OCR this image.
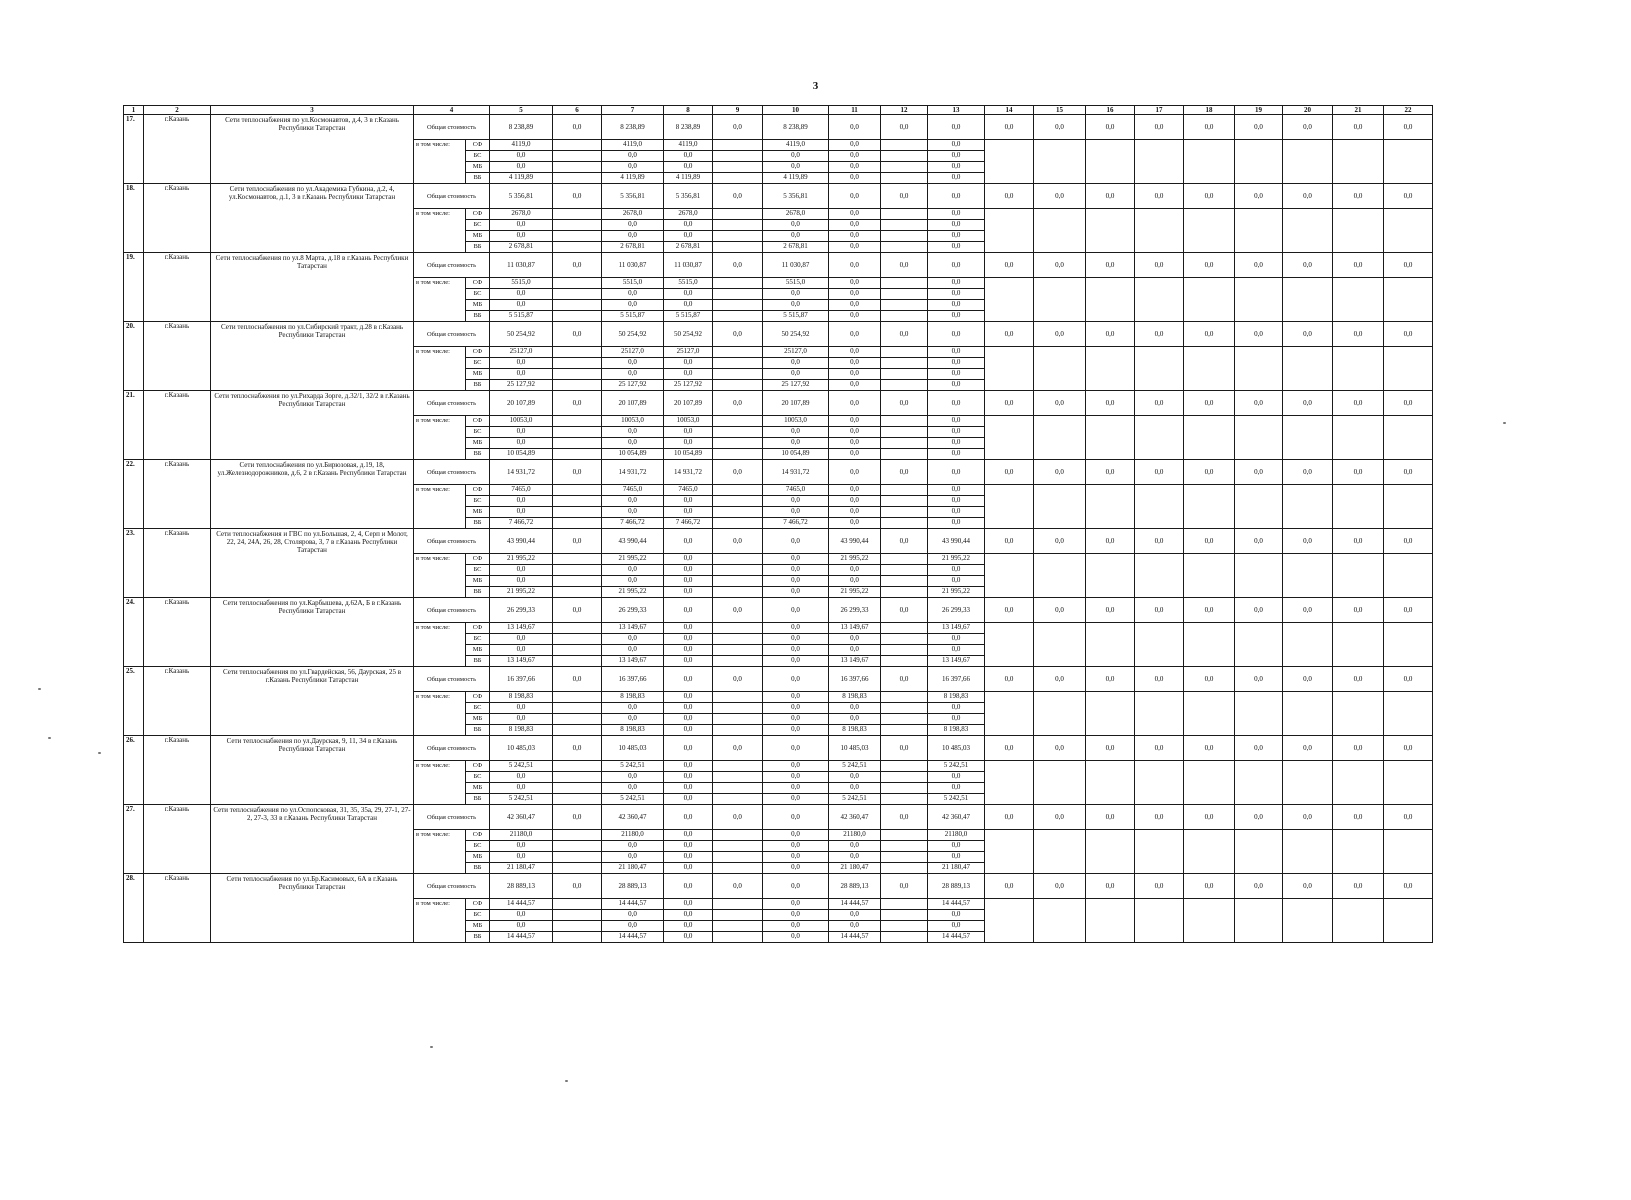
3
1	2	3	4		5	6	7	8	9	10	11	12	13	14	15	16	17	18	19	20	21	22
17.	г.Казань	Сети теплоснабжения по ул.Космонавтов, д.4, 3 в г.Казань Республики Татарстан	Общая стоимость		8 238,89	0,0	8 238,89	8 238,89	0,0	8 238,89	0,0	0,0	0,0	0,0	0,0	0,0	0,0	0,0	0,0	0,0	0,0	0,0
			в том числе:	СФ	4119,0		4119,0	4119,0		4119,0	0,0		0,0									
				БС	0,0		0,0	0,0		0,0	0,0		0,0									
				МБ	0,0		0,0	0,0		0,0	0,0		0,0									
				ВБ	4 119,89		4 119,89	4 119,89		4 119,89	0,0		0,0									
18.	г.Казань	Сети теплоснабжения по ул.Академика Губкина, д.2, 4, ул.Космонавтов, д.1, 3 в г.Казань Республики Татарстан	Общая стоимость		5 356,81	0,0	5 356,81	5 356,81	0,0	5 356,81	0,0	0,0	0,0	0,0	0,0	0,0	0,0	0,0	0,0	0,0	0,0	0,0
			в том числе:	СФ	2678,0		2678,0	2678,0		2678,0	0,0		0,0									
				БС	0,0		0,0	0,0		0,0	0,0		0,0									
				МБ	0,0		0,0	0,0		0,0	0,0		0,0									
				ВБ	2 678,81		2 678,81	2 678,81		2 678,81	0,0		0,0									
19.	г.Казань	Сети теплоснабжения по ул.8 Марта, д.18 в г.Казань Республики Татарстан	Общая стоимость		11 030,87	0,0	11 030,87	11 030,87	0,0	11 030,87	0,0	0,0	0,0	0,0	0,0	0,0	0,0	0,0	0,0	0,0	0,0	0,0
			в том числе:	СФ	5515,0		5515,0	5515,0		5515,0	0,0		0,0									
				БС	0,0		0,0	0,0		0,0	0,0		0,0									
				МБ	0,0		0,0	0,0		0,0	0,0		0,0									
				ВБ	5 515,87		5 515,87	5 515,87		5 515,87	0,0		0,0									
20.	г.Казань	Сети теплоснабжения по ул.Сибирский тракт, д.28 в г.Казань Республики Татарстан	Общая стоимость		50 254,92	0,0	50 254,92	50 254,92	0,0	50 254,92	0,0	0,0	0,0	0,0	0,0	0,0	0,0	0,0	0,0	0,0	0,0	0,0
			в том числе:	СФ	25127,0		25127,0	25127,0		25127,0	0,0		0,0									
				БС	0,0		0,0	0,0		0,0	0,0		0,0									
				МБ	0,0		0,0	0,0		0,0	0,0		0,0									
				ВБ	25 127,92		25 127,92	25 127,92		25 127,92	0,0		0,0									
21.	г.Казань	Сети теплоснабжения по ул.Рихарда Зорге, д.32/1, 32/2 в г.Казань Республики Татарстан	Общая стоимость		20 107,89	0,0	20 107,89	20 107,89	0,0	20 107,89	0,0	0,0	0,0	0,0	0,0	0,0	0,0	0,0	0,0	0,0	0,0	0,0
			в том числе:	СФ	10053,0		10053,0	10053,0		10053,0	0,0		0,0									
				БС	0,0		0,0	0,0		0,0	0,0		0,0									
				МБ	0,0		0,0	0,0		0,0	0,0		0,0									
				ВБ	10 054,89		10 054,89	10 054,89		10 054,89	0,0		0,0									
22.	г.Казань	Сети теплоснабжения по ул.Бирюзовая, д.19, 18, ул.Железнодорожников, д.6, 2 в г.Казань Республики Татарстан	Общая стоимость		14 931,72	0,0	14 931,72	14 931,72	0,0	14 931,72	0,0	0,0	0,0	0,0	0,0	0,0	0,0	0,0	0,0	0,0	0,0	0,0
			в том числе:	СФ	7465,0		7465,0	7465,0		7465,0	0,0		0,0									
				БС	0,0		0,0	0,0		0,0	0,0		0,0									
				МБ	0,0		0,0	0,0		0,0	0,0		0,0									
				ВБ	7 466,72		7 466,72	7 466,72		7 466,72	0,0		0,0									
23.	г.Казань	Сети теплоснабжения и ГВС по ул.Большая, 2, 4, Серп и Молот, 22, 24, 24А, 26, 28, Столярова, 3, 7 в г.Казань Республики Татарстан	Общая стоимость		43 990,44	0,0	43 990,44	0,0	0,0	0,0	43 990,44	0,0	43 990,44	0,0	0,0	0,0	0,0	0,0	0,0	0,0	0,0	0,0
			в том числе:	СФ	21 995,22		21 995,22	0,0		0,0	21 995,22		21 995,22									
				БС	0,0		0,0	0,0		0,0	0,0		0,0									
				МБ	0,0		0,0	0,0		0,0	0,0		0,0									
				ВБ	21 995,22		21 995,22	0,0		0,0	21 995,22		21 995,22									
24.	г.Казань	Сети теплоснабжения по ул.Карбышева, д.62А, Б в г.Казань Республики Татарстан	Общая стоимость		26 299,33	0,0	26 299,33	0,0	0,0	0,0	26 299,33	0,0	26 299,33	0,0	0,0	0,0	0,0	0,0	0,0	0,0	0,0	0,0
			в том числе:	СФ	13 149,67		13 149,67	0,0		0,0	13 149,67		13 149,67									
				БС	0,0		0,0	0,0		0,0	0,0		0,0									
				МБ	0,0		0,0	0,0		0,0	0,0		0,0									
				ВБ	13 149,67		13 149,67	0,0		0,0	13 149,67		13 149,67									
25.	г.Казань	Сети теплоснабжения по ул.Гвардейская, 56, Даурская, 25 в г.Казань Республики Татарстан	Общая стоимость		16 397,66	0,0	16 397,66	0,0	0,0	0,0	16 397,66	0,0	16 397,66	0,0	0,0	0,0	0,0	0,0	0,0	0,0	0,0	0,0
			в том числе:	СФ	8 198,83		8 198,83	0,0		0,0	8 198,83		8 198,83									
				БС	0,0		0,0	0,0		0,0	0,0		0,0									
				МБ	0,0		0,0	0,0		0,0	0,0		0,0									
				ВБ	8 198,83		8 198,83	0,0		0,0	8 198,83		8 198,83									
26.	г.Казань	Сети теплоснабжения по ул.Даурская, 9, 11, 34 в г.Казань Республики Татарстан	Общая стоимость		10 485,03	0,0	10 485,03	0,0	0,0	0,0	10 485,03	0,0	10 485,03	0,0	0,0	0,0	0,0	0,0	0,0	0,0	0,0	0,0
			в том числе:	СФ	5 242,51		5 242,51	0,0		0,0	5 242,51		5 242,51									
				БС	0,0		0,0	0,0		0,0	0,0		0,0									
				МБ	0,0		0,0	0,0		0,0	0,0		0,0									
				ВБ	5 242,51		5 242,51	0,0		0,0	5 242,51		5 242,51									
27.	г.Казань	Сети теплоснабжения по ул.Оспопсковая, 31, 35, 35а, 29, 27-1, 27-2, 27-3, 33 в г.Казань Республики Татарстан	Общая стоимость		42 360,47	0,0	42 360,47	0,0	0,0	0,0	42 360,47	0,0	42 360,47	0,0	0,0	0,0	0,0	0,0	0,0	0,0	0,0	0,0
			в том числе:	СФ	21180,0		21180,0	0,0		0,0	21180,0		21180,0									
				БС	0,0		0,0	0,0		0,0	0,0		0,0									
				МБ	0,0		0,0	0,0		0,0	0,0		0,0									
				ВБ	21 180,47		21 180,47	0,0		0,0	21 180,47		21 180,47									
28.	г.Казань	Сети теплоснабжения по ул.Бр.Касимовых, 6А в г.Казань Республики Татарстан	Общая стоимость		28 889,13	0,0	28 889,13	0,0	0,0	0,0	28 889,13	0,0	28 889,13	0,0	0,0	0,0	0,0	0,0	0,0	0,0	0,0	0,0
			в том числе:	СФ	14 444,57		14 444,57	0,0		0,0	14 444,57		14 444,57									
				БС	0,0		0,0	0,0		0,0	0,0		0,0									
				МБ	0,0		0,0	0,0		0,0	0,0		0,0									
				ВБ	14 444,57		14 444,57	0,0		0,0	14 444,57		14 444,57									
